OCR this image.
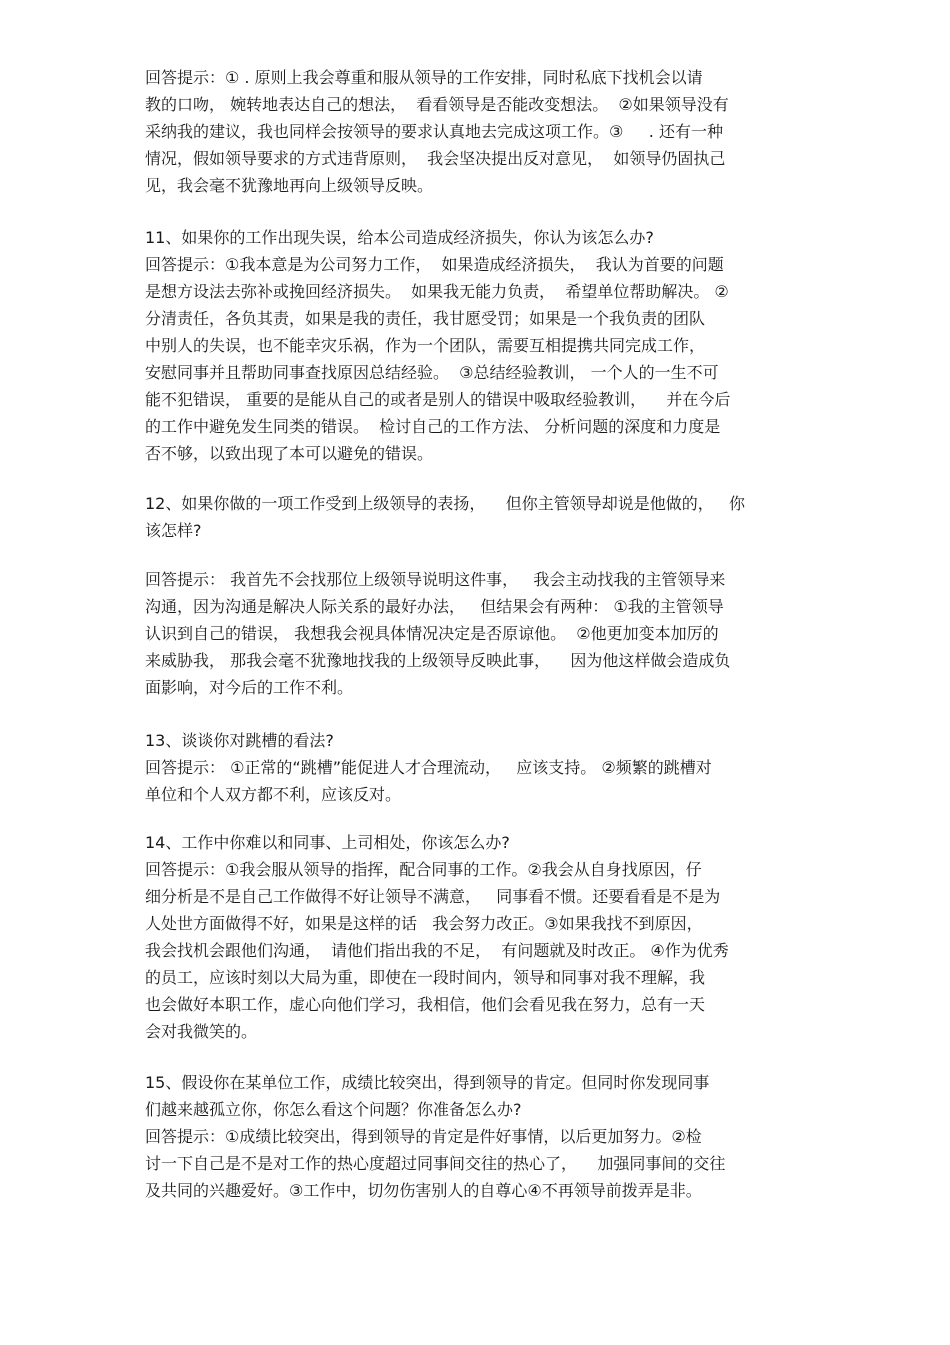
回答提示：① . 原则上我会尊重和服从领导的工作安排，同时私底下找机会以请
教的口吻， 婉转地表达自己的想法，  看看领导是否能改变想法。  ②如果领导没有
采纳我的建议，我也同样会按领导的要求认真地去完成这项工作。③     . 还有一种
情况，假如领导要求的方式违背原则，  我会坚决提出反对意见，  如领导仍固执己
见，我会毫不犹豫地再向上级领导反映。
11、如果你的工作出现失误，给本公司造成经济损失，你认为该怎么办?
回答提示：①我本意是为公司努力工作，  如果造成经济损失，  我认为首要的问题
是想方设法去弥补或挽回经济损失。  如果我无能力负责，  希望单位帮助解决。 ②
分清责任，各负其责，如果是我的责任，我甘愿受罚；如果是一个我负责的团队
中别人的失误，也不能幸灾乐祸，作为一个团队，需要互相提携共同完成工作，
安慰同事并且帮助同事查找原因总结经验。  ③总结经验教训， 一个人的一生不可
能不犯错误， 重要的是能从自己的或者是别人的错误中吸取经验教训，    并在今后
的工作中避免发生同类的错误。  检讨自己的工作方法、 分析问题的深度和力度是
否不够，以致出现了本可以避免的错误。
12、如果你做的一项工作受到上级领导的表扬，    但你主管领导却说是他做的，   你
该怎样?
回答提示： 我首先不会找那位上级领导说明这件事，   我会主动找我的主管领导来
沟通，因为沟通是解决人际关系的最好办法，   但结果会有两种： ①我的主管领导
认识到自己的错误， 我想我会视具体情况决定是否原谅他。  ②他更加变本加厉的
来威胁我， 那我会毫不犹豫地找我的上级领导反映此事，    因为他这样做会造成负
面影响，对今后的工作不利。
13、谈谈你对跳槽的看法?
回答提示： ①正常的“跳槽”能促进人才合理流动，   应该支持。 ②频繁的跳槽对
单位和个人双方都不利，应该反对。
14、工作中你难以和同事、上司相处，你该怎么办?
回答提示：①我会服从领导的指挥，配合同事的工作。②我会从自身找原因，仔
细分析是不是自己工作做得不好让领导不满意，   同事看不惯。还要看看是不是为
人处世方面做得不好，如果是这样的话   我会努力改正。③如果我找不到原因，
我会找机会跟他们沟通，  请他们指出我的不足，  有问题就及时改正。 ④作为优秀
的员工，应该时刻以大局为重，即使在一段时间内，领导和同事对我不理解，我
也会做好本职工作，虚心向他们学习，我相信，他们会看见我在努力，总有一天
会对我微笑的。
15、假设你在某单位工作，成绩比较突出，得到领导的肯定。但同时你发现同事
们越来越孤立你，你怎么看这个问题？你准备怎么办?
回答提示：①成绩比较突出，得到领导的肯定是件好事情，以后更加努力。②检
讨一下自己是不是对工作的热心度超过同事间交往的热心了，    加强同事间的交往
及共同的兴趣爱好。③工作中，切勿伤害别人的自尊心④不再领导前拨弄是非。
